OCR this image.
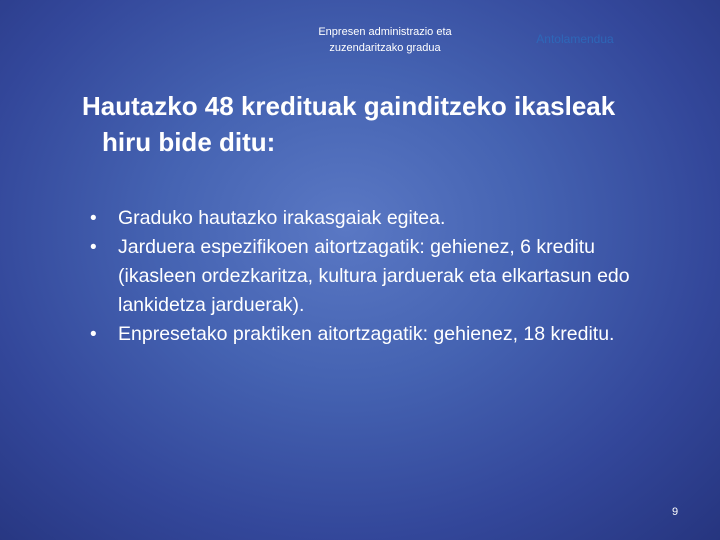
Enpresen administrazio eta
zuzendaritzako gradua
Antolamendua
Hautazko 48 kredituak gainditzeko ikasleak
hiru bide ditu:
• Graduko hautazko irakasgaiak egitea.
• Jarduera espezifikoen aitortzagatik: gehienez, 6 kreditu (ikasleen ordezkaritza, kultura jarduerak eta elkartasun edo lankidetza jarduerak).
• Enpresetako praktiken aitortzagatik: gehienez, 18 kreditu.
9
